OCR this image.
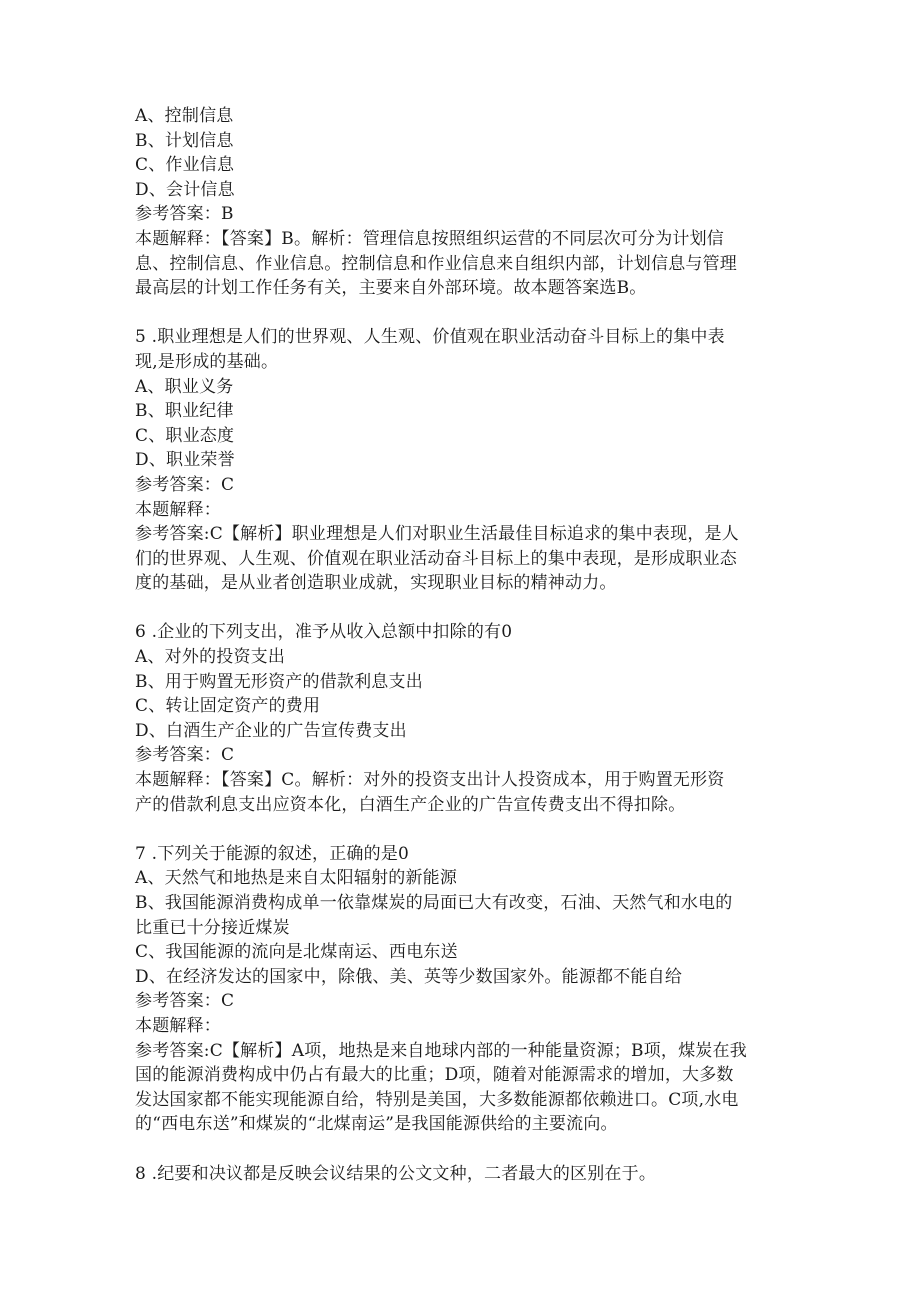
A、控制信息
B、计划信息
C、作业信息
D、会计信息
参考答案：B
本题解释：【答案】B。解析：管理信息按照组织运营的不同层次可分为计划信
息、控制信息、作业信息。控制信息和作业信息来自组织内部，计划信息与管理
最高层的计划工作任务有关，主要来自外部环境。故本题答案选B。
5 .职业理想是人们的世界观、人生观、价值观在职业活动奋斗目标上的集中表
现,是形成的基础。
A、职业义务
B、职业纪律
C、职业态度
D、职业荣誉
参考答案：C
本题解释：
参考答案:C【解析】职业理想是人们对职业生活最佳目标追求的集中表现，是人
们的世界观、人生观、价值观在职业活动奋斗目标上的集中表现，是形成职业态
度的基础，是从业者创造职业成就，实现职业目标的精神动力。
6 .企业的下列支出，准予从收入总额中扣除的有0
A、对外的投资支出
B、用于购置无形资产的借款利息支出
C、转让固定资产的费用
D、白酒生产企业的广告宣传费支出
参考答案：C
本题解释：【答案】C。解析：对外的投资支出计人投资成本，用于购置无形资
产的借款利息支出应资本化，白酒生产企业的广告宣传费支出不得扣除。
7 .下列关于能源的叙述，正确的是0
A、天然气和地热是来自太阳辐射的新能源
B、我国能源消费构成单一依靠煤炭的局面已大有改变，石油、天然气和水电的
比重已十分接近煤炭
C、我国能源的流向是北煤南运、西电东送
D、在经济发达的国家中，除俄、美、英等少数国家外。能源都不能自给
参考答案：C
本题解释：
参考答案:C【解析】A项，地热是来自地球内部的一种能量资源；B项，煤炭在我
国的能源消费构成中仍占有最大的比重；D项，随着对能源需求的增加，大多数
发达国家都不能实现能源自给，特别是美国，大多数能源都依赖进口。C项,水电
的“西电东送”和煤炭的“北煤南运”是我国能源供给的主要流向。
8 .纪要和决议都是反映会议结果的公文文种，二者最大的区别在于。
